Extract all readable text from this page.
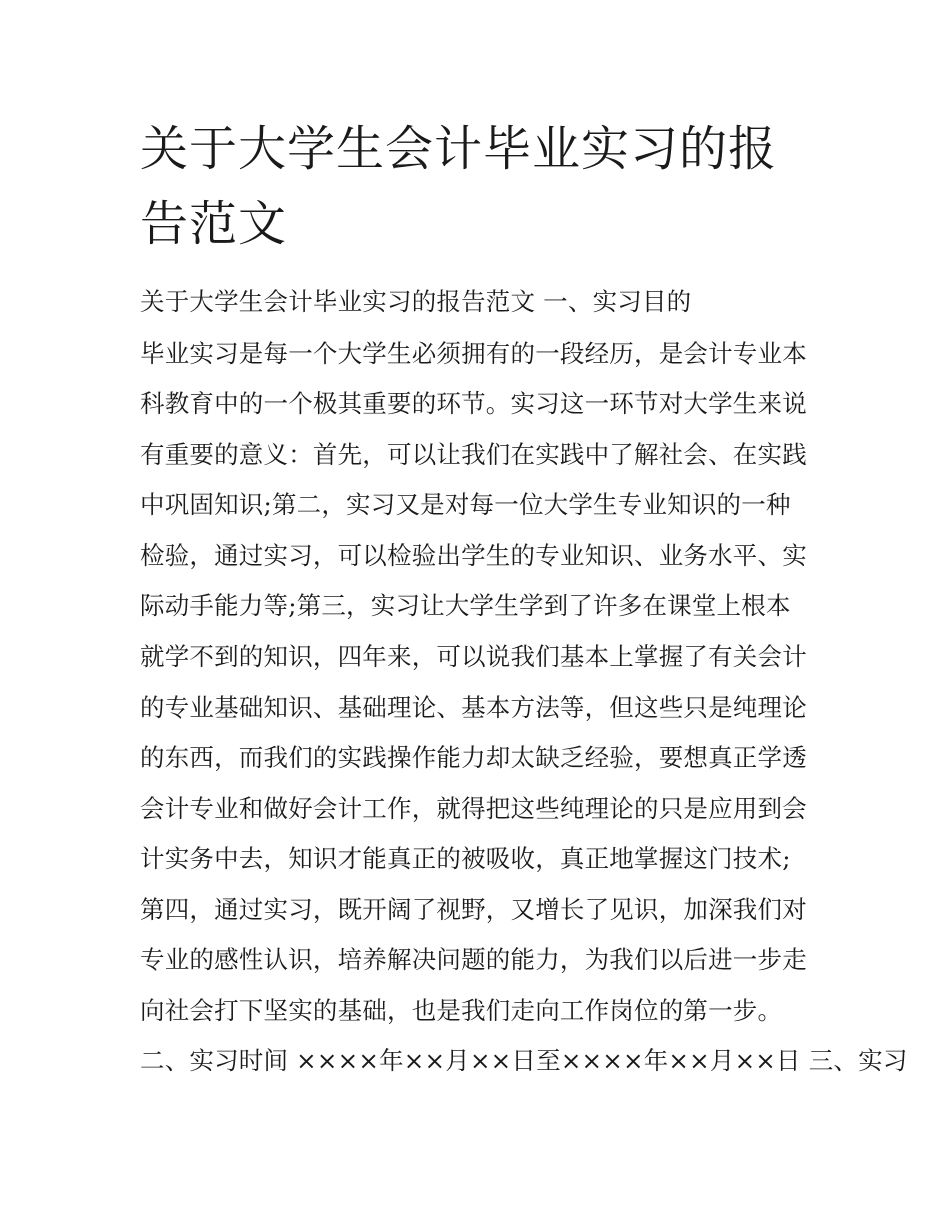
关于大学生会计毕业实习的报
告范文
关于大学生会计毕业实习的报告范文 一、实习目的
毕业实习是每一个大学生必须拥有的一段经历，是会计专业本
科教育中的一个极其重要的环节。实习这一环节对大学生来说
有重要的意义：首先，可以让我们在实践中了解社会、在实践
中巩固知识;第二，实习又是对每一位大学生专业知识的一种
检验，通过实习，可以检验出学生的专业知识、业务水平、实
际动手能力等;第三，实习让大学生学到了许多在课堂上根本
就学不到的知识，四年来，可以说我们基本上掌握了有关会计
的专业基础知识、基础理论、基本方法等，但这些只是纯理论
的东西，而我们的实践操作能力却太缺乏经验，要想真正学透
会计专业和做好会计工作，就得把这些纯理论的只是应用到会
计实务中去，知识才能真正的被吸收，真正地掌握这门技术;
第四，通过实习，既开阔了视野，又增长了见识，加深我们对
专业的感性认识，培养解决问题的能力，为我们以后进一步走
向社会打下坚实的基础，也是我们走向工作岗位的第一步。
二、实习时间 ××××年××月××日至××××年××月××日 三、实习
